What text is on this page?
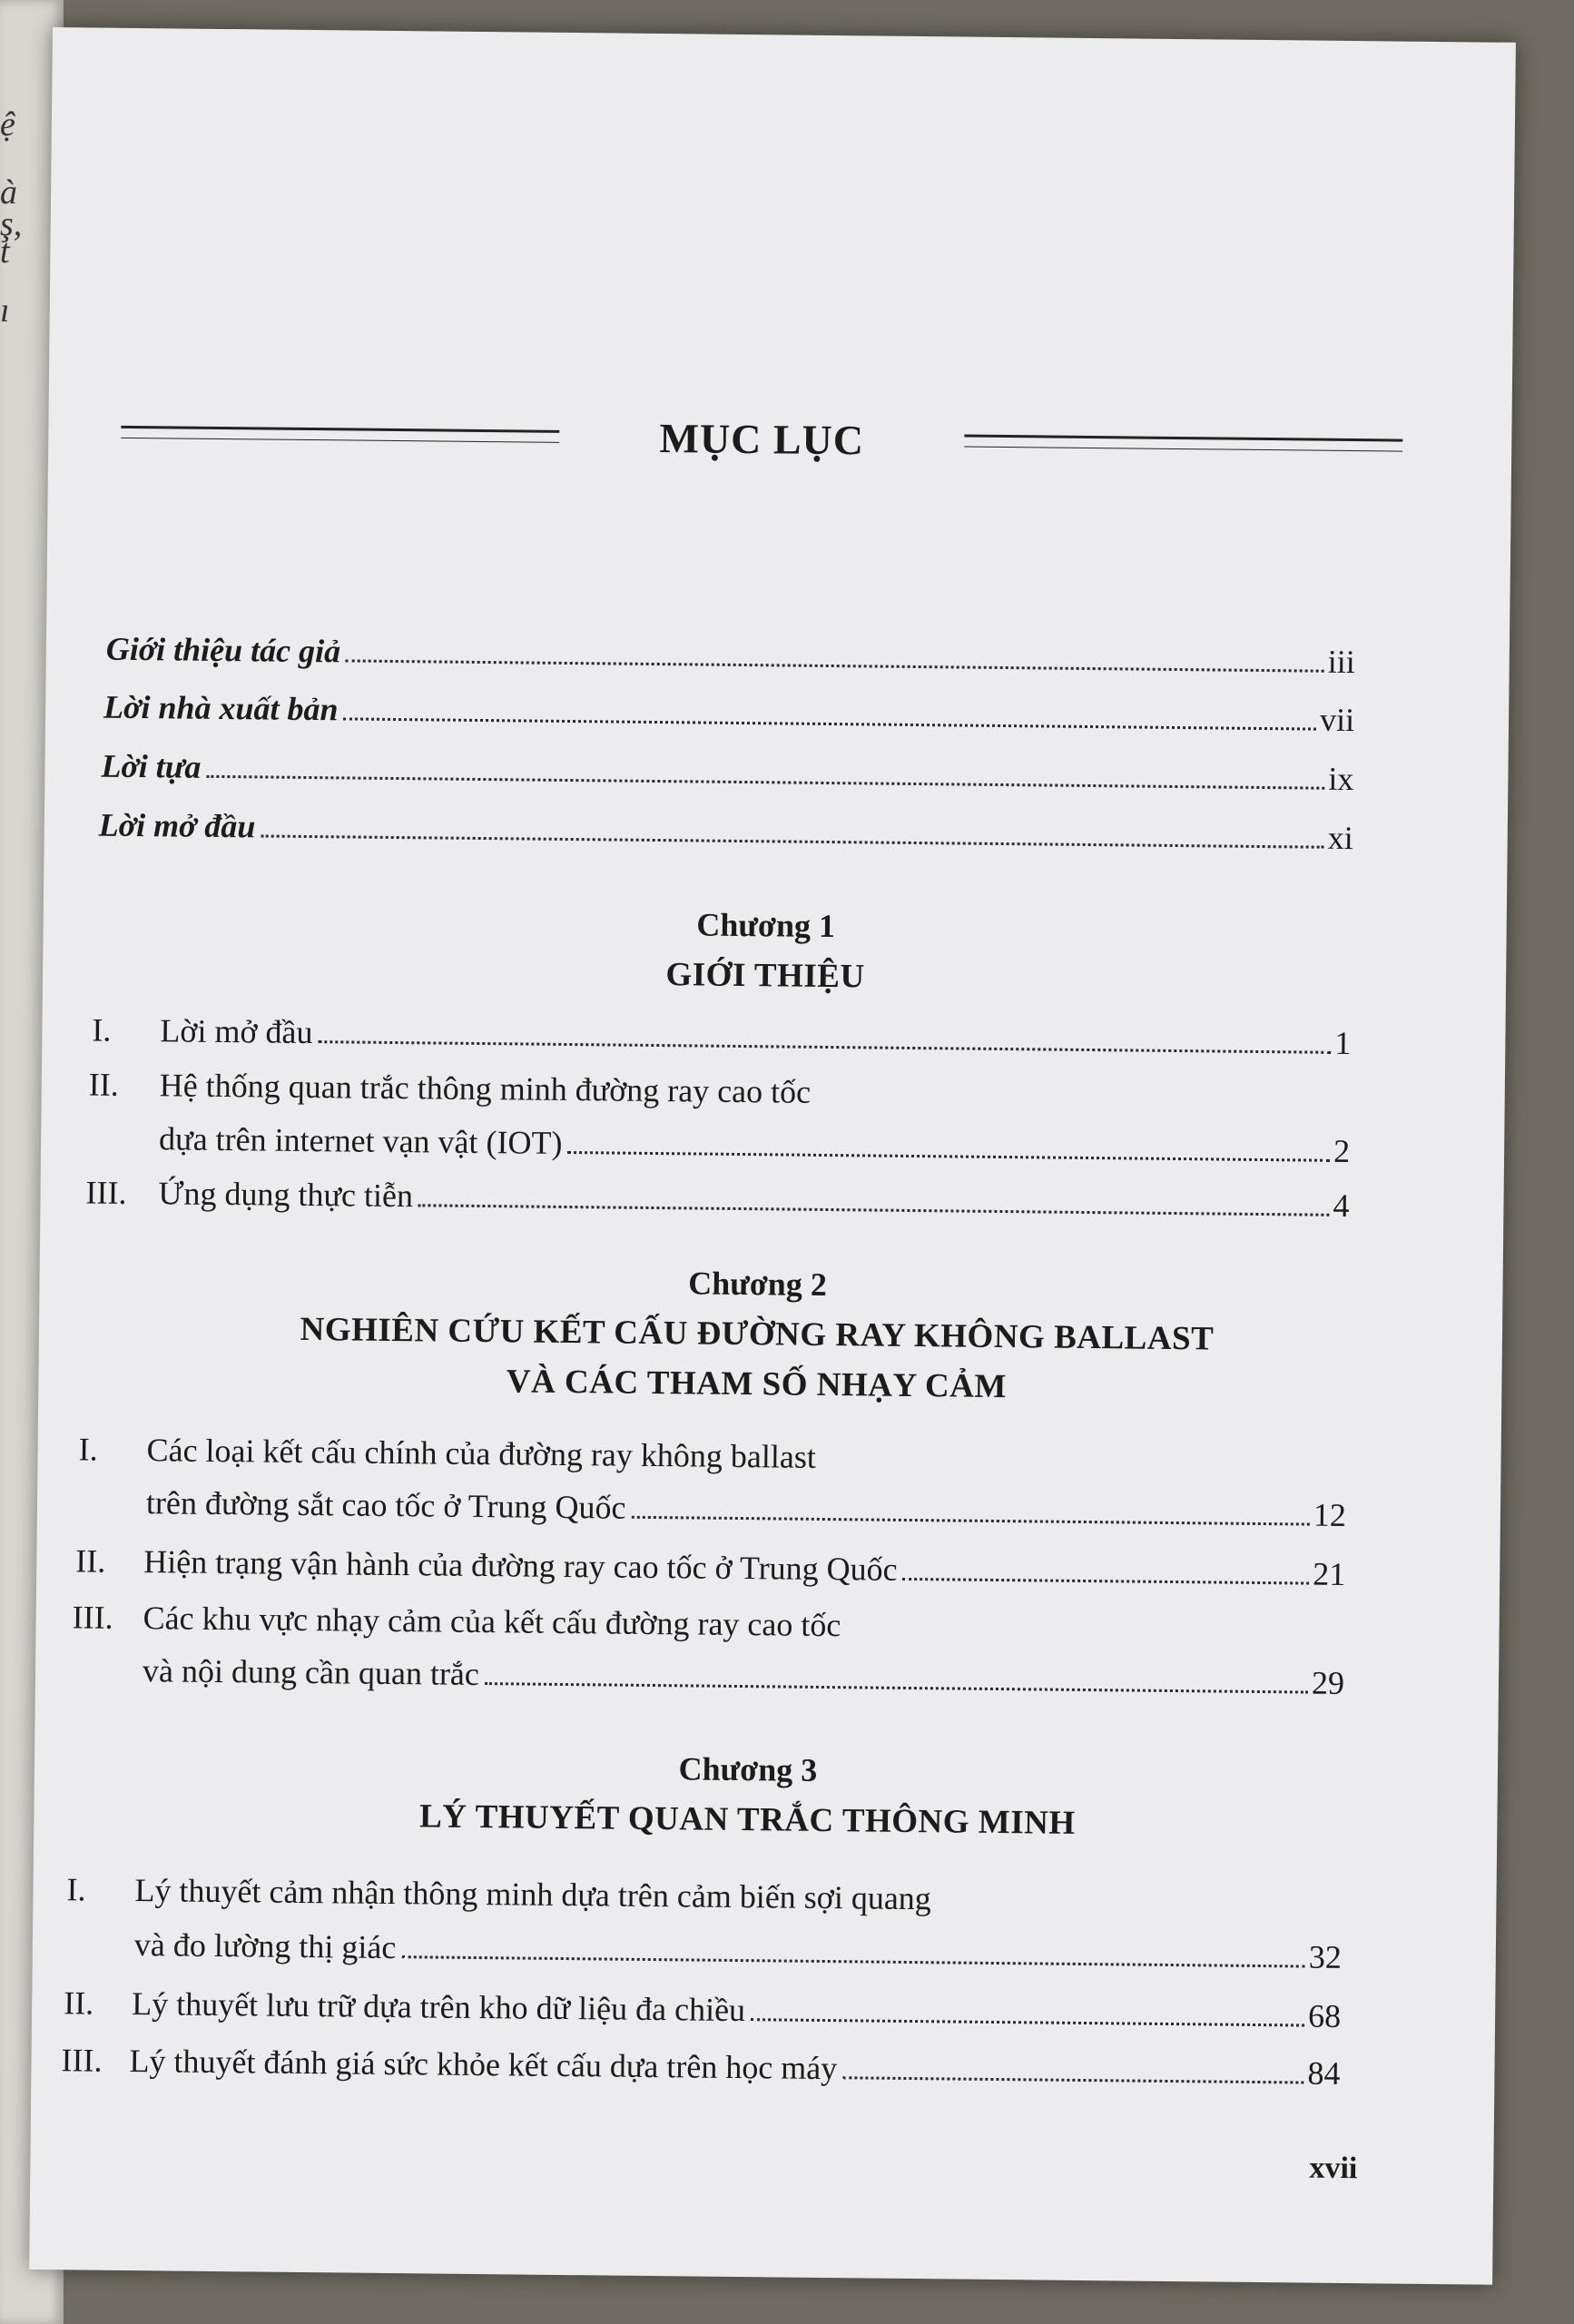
ệ
à
ş,
t
ı

MỤC LỤC
Giới thiệu tác giả	iii
Lời nhà xuất bản	vii
Lời tựa	ix
Lời mở đầu	xi
Chương 1
GIỚI THIỆU
I. Lời mở đầu	1
II. Hệ thống quan trắc thông minh đường ray cao tốc
dựa trên internet vạn vật (IOT)	2
III. Ứng dụng thực tiễn	4
Chương 2
NGHIÊN CỨU KẾT CẤU ĐƯỜNG RAY KHÔNG BALLAST
VÀ CÁC THAM SỐ NHẠY CẢM
I. Các loại kết cấu chính của đường ray không ballast
trên đường sắt cao tốc ở Trung Quốc	12
II. Hiện trạng vận hành của đường ray cao tốc ở Trung Quốc	21
III. Các khu vực nhạy cảm của kết cấu đường ray cao tốc
và nội dung cần quan trắc	29
Chương 3
LÝ THUYẾT QUAN TRẮC THÔNG MINH
I. Lý thuyết cảm nhận thông minh dựa trên cảm biến sợi quang
và đo lường thị giác	32
II. Lý thuyết lưu trữ dựa trên kho dữ liệu đa chiều	68
III. Lý thuyết đánh giá sức khỏe kết cấu dựa trên học máy	84
xvii
